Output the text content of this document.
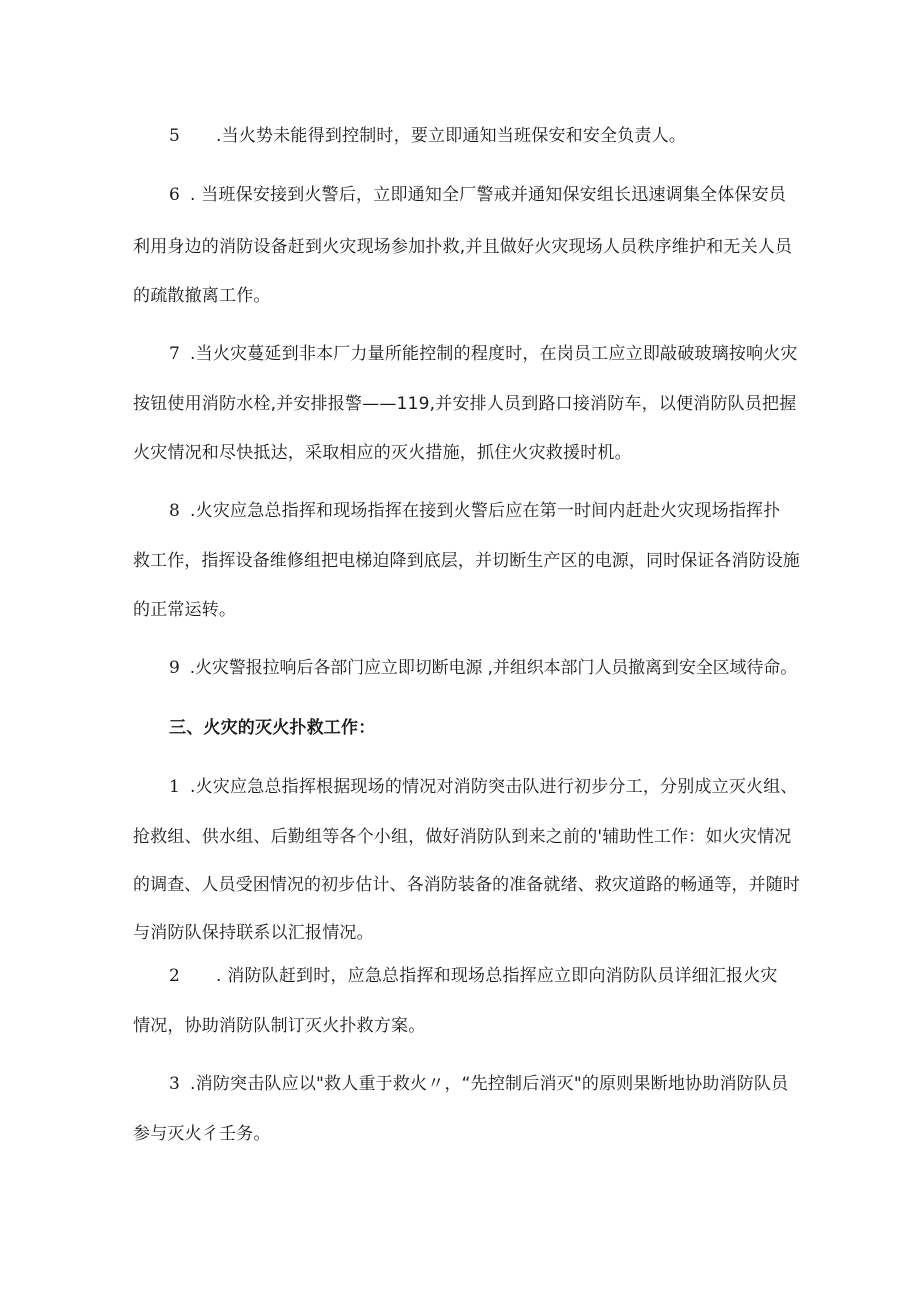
5 .当火势未能得到控制时，要立即通知当班保安和安全负责人。
6 . 当班保安接到火警后，立即通知全厂警戒并通知保安组长迅速调集全体保安员
利用身边的消防设备赶到火灾现场参加扑救,并且做好火灾现场人员秩序维护和无关人员
的疏散撤离工作。
7 .当火灾蔓延到非本厂力量所能控制的程度时，在岗员工应立即敲破玻璃按响火灾
按钮使用消防水栓,并安排报警——119,并安排人员到路口接消防车，以便消防队员把握
火灾情况和尽快抵达，采取相应的灭火措施，抓住火灾救援时机。
8 .火灾应急总指挥和现场指挥在接到火警后应在第一时间内赶赴火灾现场指挥扑
救工作，指挥设备维修组把电梯迫降到底层，并切断生产区的电源，同时保证各消防设施
的正常运转。
9 .火灾警报拉响后各部门应立即切断电源 ,并组织本部门人员撤离到安全区域待命。
三、火灾的灭火扑救工作：
1 .火灾应急总指挥根据现场的情况对消防突击队进行初步分工，分别成立灭火组、
抢救组、供水组、后勤组等各个小组，做好消防队到来之前的'辅助性工作：如火灾情况
的调查、人员受困情况的初步估计、各消防装备的准备就绪、救灾道路的畅通等，并随时
与消防队保持联系以汇报情况。
2 . 消防队赶到时，应急总指挥和现场总指挥应立即向消防队员详细汇报火灾
情况，协助消防队制订灭火扑救方案。
3 .消防突击队应以"救人重于救火〃，“先控制后消灭"的原则果断地协助消防队员
参与灭火彳壬务。
